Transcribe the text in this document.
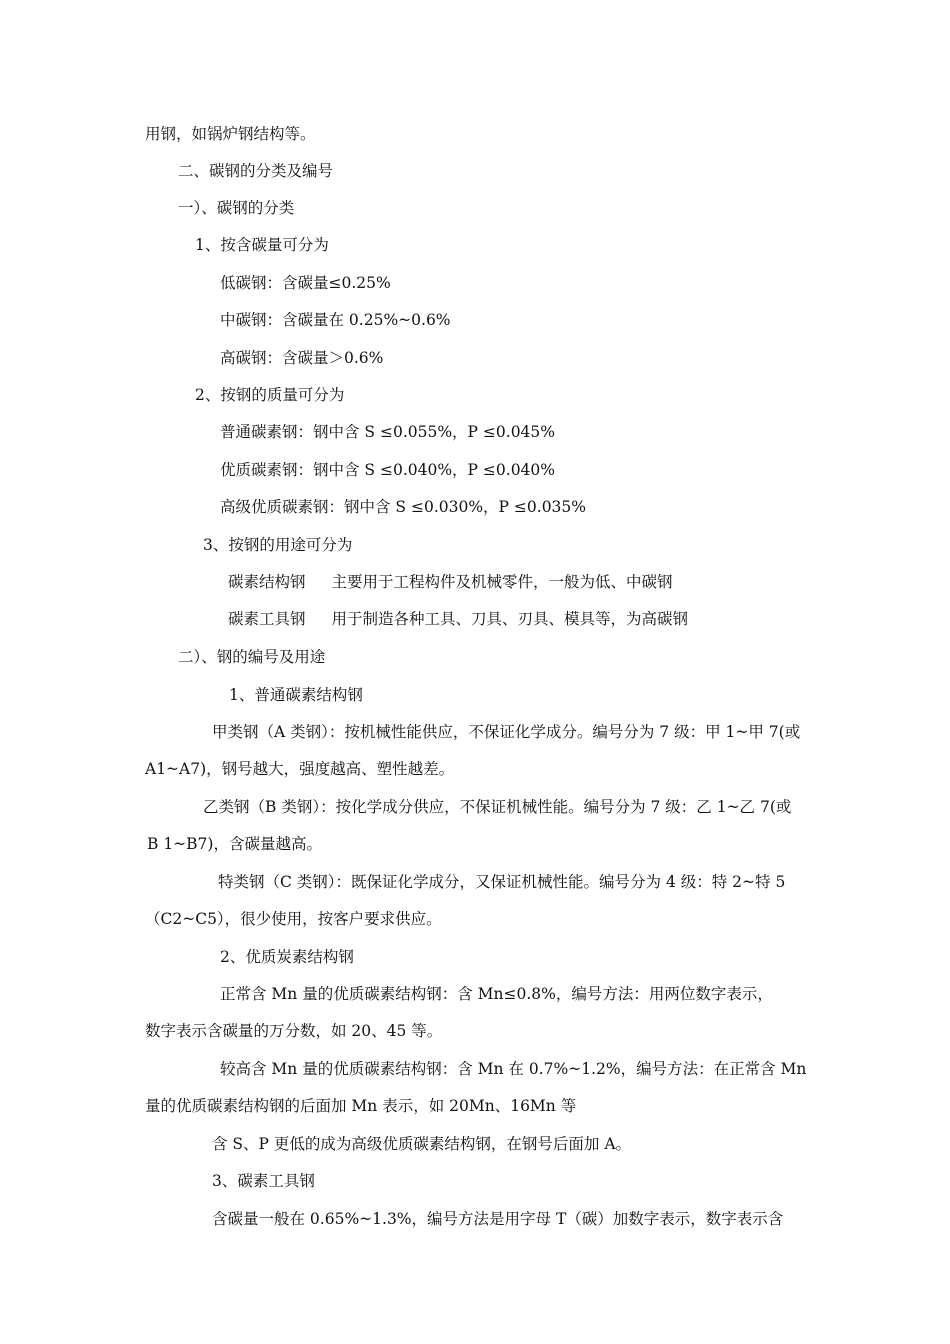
用钢，如锅炉钢结构等。
二、碳钢的分类及编号
一）、碳钢的分类
1、按含碳量可分为
低碳钢：含碳量≤0.25%
中碳钢：含碳量在 0.25%~0.6%
高碳钢：含碳量＞0.6%
2、按钢的质量可分为
普通碳素钢：钢中含 S ≤0.055%，P ≤0.045%
优质碳素钢：钢中含 S ≤0.040%，P ≤0.040%
高级优质碳素钢：钢中含 S ≤0.030%，P ≤0.035%
3、按钢的用途可分为
碳素结构钢 主要用于工程构件及机械零件，一般为低、中碳钢
碳素工具钢 用于制造各种工具、刀具、刃具、模具等，为高碳钢
二）、钢的编号及用途
1、普通碳素结构钢
甲类钢（A 类钢）：按机械性能供应，不保证化学成分。编号分为 7 级：甲 1~甲 7(或
A1~A7)，钢号越大，强度越高、塑性越差。
乙类钢（B 类钢）：按化学成分供应，不保证机械性能。编号分为 7 级：乙 1~乙 7(或
B 1~B7)，含碳量越高。
特类钢（C 类钢）：既保证化学成分，又保证机械性能。编号分为 4 级：特 2~特 5
（C2~C5），很少使用，按客户要求供应。
2、优质炭素结构钢
正常含 Mn 量的优质碳素结构钢：含 Mn≤0.8%，编号方法：用两位数字表示，
数字表示含碳量的万分数，如 20、45 等。
较高含 Mn 量的优质碳素结构钢：含 Mn 在 0.7%~1.2%，编号方法：在正常含 Mn
量的优质碳素结构钢的后面加 Mn 表示，如 20Mn、16Mn 等
含 S、P 更低的成为高级优质碳素结构钢，在钢号后面加 A。
3、碳素工具钢
含碳量一般在 0.65%~1.3%，编号方法是用字母 T（碳）加数字表示，数字表示含
